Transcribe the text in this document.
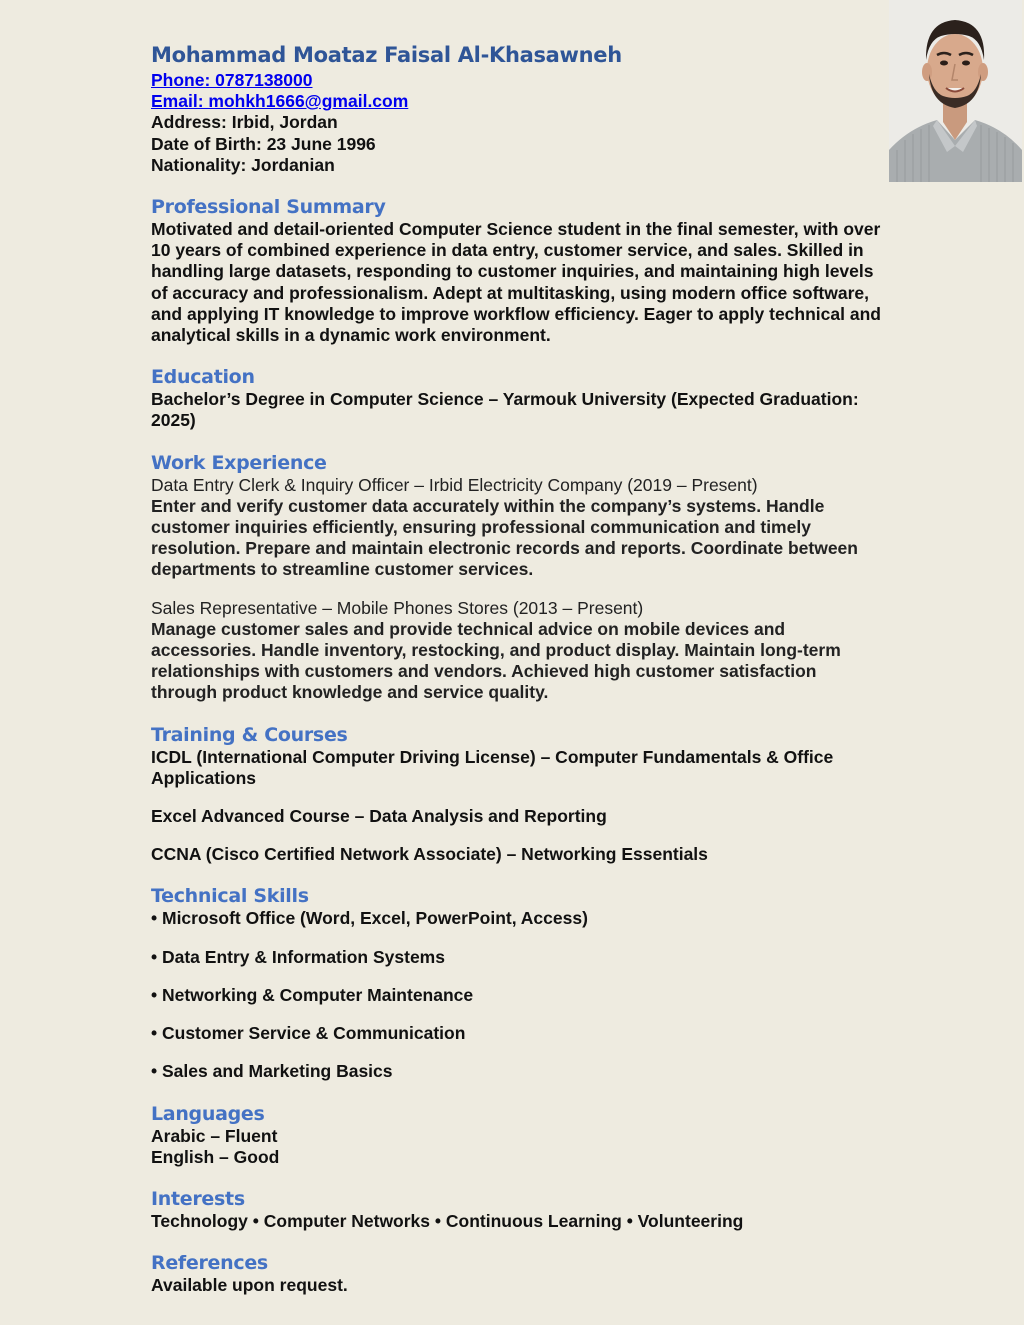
Mohammad Moataz Faisal Al-Khasawneh

Phone: 0787138000

Email: mohkh1666@gmail.com

Address: Irbid, Jordan

Date of Birth: 23 June 1996

Nationality: Jordanian

Professional Summary

Motivated and detail-oriented Computer Science student in the final semester, with over 10 years of combined experience in data entry, customer service, and sales. Skilled in handling large datasets, responding to customer inquiries, and maintaining high levels of accuracy and professionalism. Adept at multitasking, using modern office software, and applying IT knowledge to improve workflow efficiency. Eager to apply technical and analytical skills in a dynamic work environment.

Education

Bachelor’s Degree in Computer Science – Yarmouk University (Expected Graduation: 2025)

Work Experience

Data Entry Clerk & Inquiry Officer – Irbid Electricity Company (2019 – Present)

Enter and verify customer data accurately within the company’s systems. Handle customer inquiries efficiently, ensuring professional communication and timely resolution. Prepare and maintain electronic records and reports. Coordinate between departments to streamline customer services.

Sales Representative – Mobile Phones Stores (2013 – Present)

Manage customer sales and provide technical advice on mobile devices and accessories. Handle inventory, restocking, and product display. Maintain long-term relationships with customers and vendors. Achieved high customer satisfaction through product knowledge and service quality.

Training & Courses

ICDL (International Computer Driving License) – Computer Fundamentals & Office Applications

Excel Advanced Course – Data Analysis and Reporting

CCNA (Cisco Certified Network Associate) – Networking Essentials

Technical Skills

• Microsoft Office (Word, Excel, PowerPoint, Access)

• Data Entry & Information Systems

• Networking & Computer Maintenance

• Customer Service & Communication

• Sales and Marketing Basics

Languages

Arabic – Fluent

English – Good

Interests

Technology • Computer Networks • Continuous Learning • Volunteering

References

Available upon request.
